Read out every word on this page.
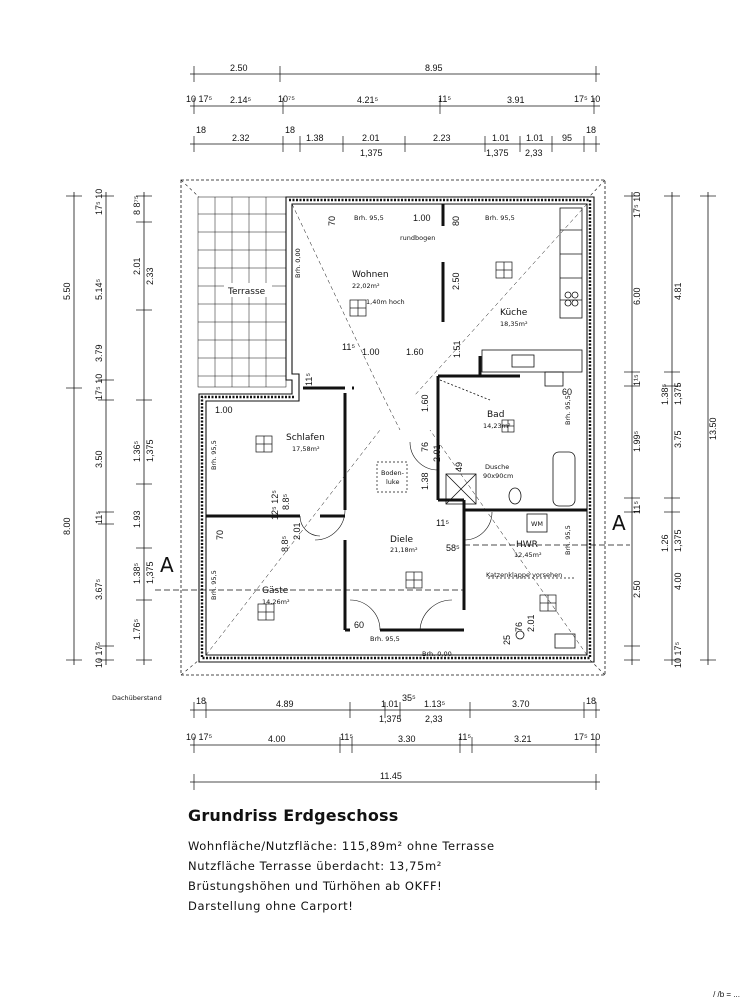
2.50	8.95
10 17⁵ 2.14⁵	10⁷⁵	4.21⁵	11⁵	3.91	17⁵ 10
18
2.32
18
1.38	2.01	2.23	1.01 1.01 95
18
1,375	1,375 2,33
A
A
Terrasse
Wohnen
22,02m²
Küche
18,35m²
Schlafen
17,58m²
Bad
14,23m²
Diele
21,18m²	HWR
12,45m²
Gäste
14,26m²
Boden-
luke
Dusche
90x90cm
Katzenklappe vorsehen
1,40m hoch
rundbogen
Brh. 95,5	Brh. 95,5
Brh. 95,5
Brh. 0,00
WM
Brh. 0,00
Brh. 95,5
Brh. 95,5
Brh. 95,5
Brh. 95,5
70	1.00 80
2.50
11⁵ 1.00	1.60	1.51
11⁵
1.60
60
1.00
1.38
76 2.01
49
11⁵
58⁵
60
25
76 2.01
70
8.8⁵
12⁵ 12⁵ 8.8⁵
2.01
Dachüberstand
5.50
8.00
17⁵ 10
5.14⁵
3.79
17⁵ 10
3.50
11⁵
3.67⁵
10 17⁵
8 8⁷⁵
2.01
2.33
1.36⁵ 1,375
1.93
1.38⁵ 1,375
1.76⁵
13.50
17⁵ 10
6.00
1¹⁵
1.99⁵
11⁵
2.50
4.81
1.38⁵ 1,375
3.75
1.26 1,375
4.00
10 17⁵
18	4.89	1.01
35⁵
1.13⁵	3.70	18
1,375	2,33
10 17⁵	4.00	11⁵	3.30	11⁵	3.21	17⁵ 10
11.45
Grundriss Erdgeschoss
Wohnfläche/Nutzfläche: 115,89m² ohne Terrasse
Nutzfläche Terrasse überdacht: 13,75m²
Brüstungshöhen und Türhöhen ab OKFF!
Darstellung ohne Carport!
/ /b = ...
